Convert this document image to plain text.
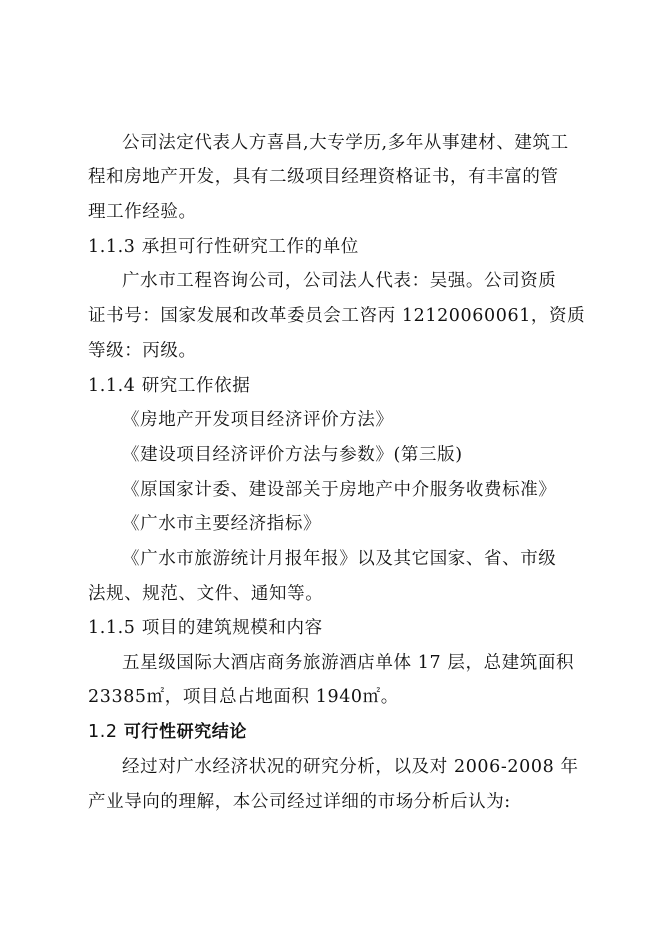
公司法定代表人方喜昌,大专学历,多年从事建材、建筑工
程和房地产开发，具有二级项目经理资格证书，有丰富的管
理工作经验。
1.1.3 承担可行性研究工作的单位
广水市工程咨询公司，公司法人代表：吴强。公司资质
证书号：国家发展和改革委员会工咨丙 12120060061，资质
等级：丙级。
1.1.4 研究工作依据
《房地产开发项目经济评价方法》
《建设项目经济评价方法与参数》(第三版)
《原国家计委、建设部关于房地产中介服务收费标准》
《广水市主要经济指标》
《广水市旅游统计月报年报》以及其它国家、省、市级
法规、规范、文件、通知等。
1.1.5 项目的建筑规模和内容
五星级国际大酒店商务旅游酒店单体 17 层，总建筑面积
23385㎡，项目总占地面积 1940㎡。
1.2 可行性研究结论
经过对广水经济状况的研究分析，以及对 2006-2008 年
产业导向的理解，本公司经过详细的市场分析后认为:
